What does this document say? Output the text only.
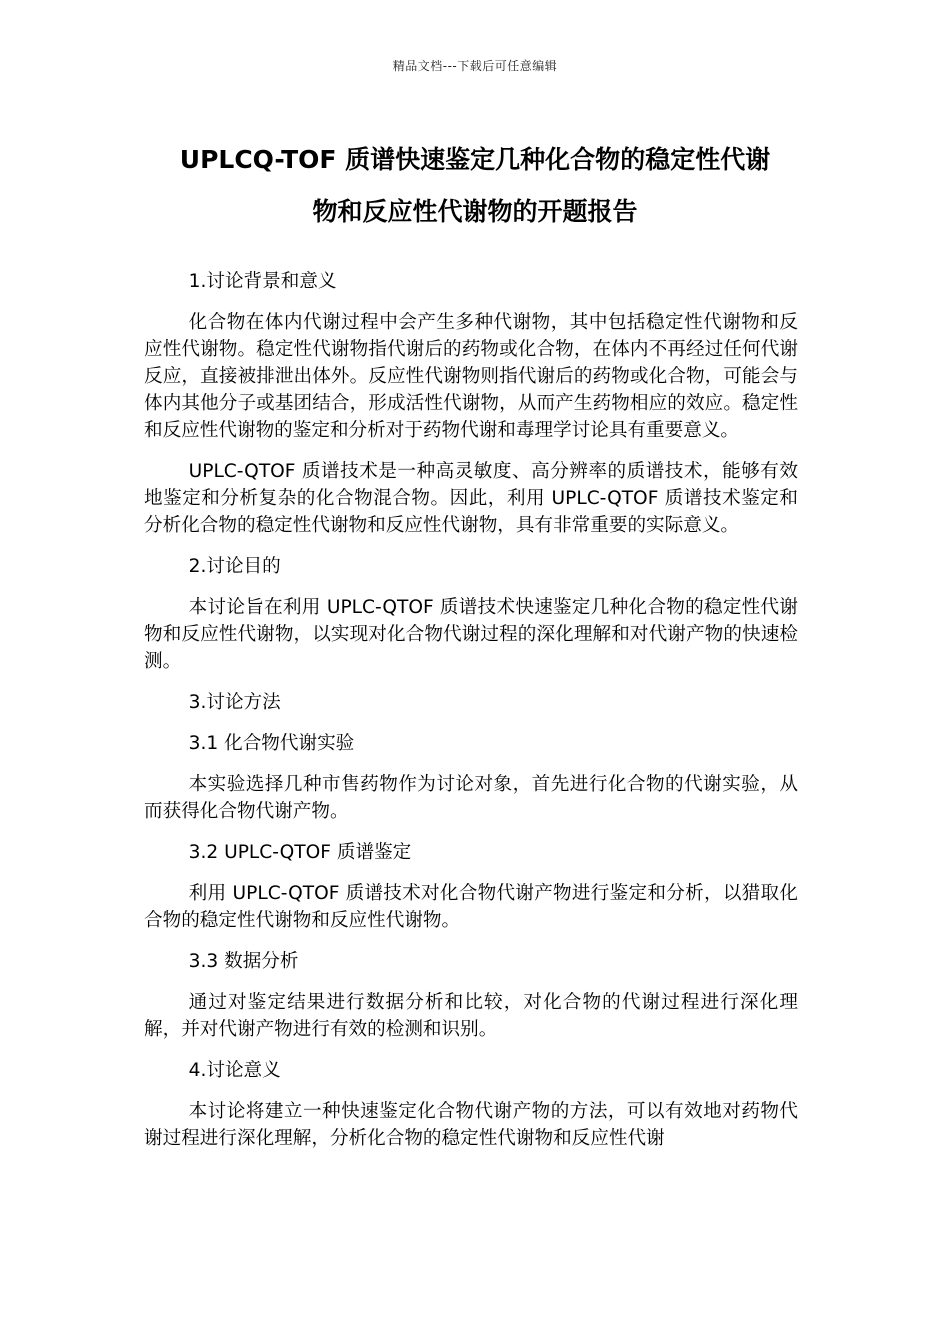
精品文档---下载后可任意编辑
UPLCQ-TOF 质谱快速鉴定几种化合物的稳定性代谢
物和反应性代谢物的开题报告

1.讨论背景和意义

化合物在体内代谢过程中会产生多种代谢物，其中包括稳定性代谢物和反应性代谢物。稳定性代谢物指代谢后的药物或化合物，在体内不再经过任何代谢反应，直接被排泄出体外。反应性代谢物则指代谢后的药物或化合物，可能会与体内其他分子或基团结合，形成活性代谢物，从而产生药物相应的效应。稳定性和反应性代谢物的鉴定和分析对于药物代谢和毒理学讨论具有重要意义。

UPLC-QTOF 质谱技术是一种高灵敏度、高分辨率的质谱技术，能够有效地鉴定和分析复杂的化合物混合物。因此，利用 UPLC-QTOF 质谱技术鉴定和分析化合物的稳定性代谢物和反应性代谢物，具有非常重要的实际意义。

2.讨论目的

本讨论旨在利用 UPLC-QTOF 质谱技术快速鉴定几种化合物的稳定性代谢物和反应性代谢物，以实现对化合物代谢过程的深化理解和对代谢产物的快速检测。

3.讨论方法

3.1 化合物代谢实验

本实验选择几种市售药物作为讨论对象，首先进行化合物的代谢实验，从而获得化合物代谢产物。

3.2 UPLC-QTOF 质谱鉴定

利用 UPLC-QTOF 质谱技术对化合物代谢产物进行鉴定和分析，以猎取化合物的稳定性代谢物和反应性代谢物。

3.3 数据分析

通过对鉴定结果进行数据分析和比较，对化合物的代谢过程进行深化理解，并对代谢产物进行有效的检测和识别。

4.讨论意义

本讨论将建立一种快速鉴定化合物代谢产物的方法，可以有效地对药物代谢过程进行深化理解，分析化合物的稳定性代谢物和反应性代谢
